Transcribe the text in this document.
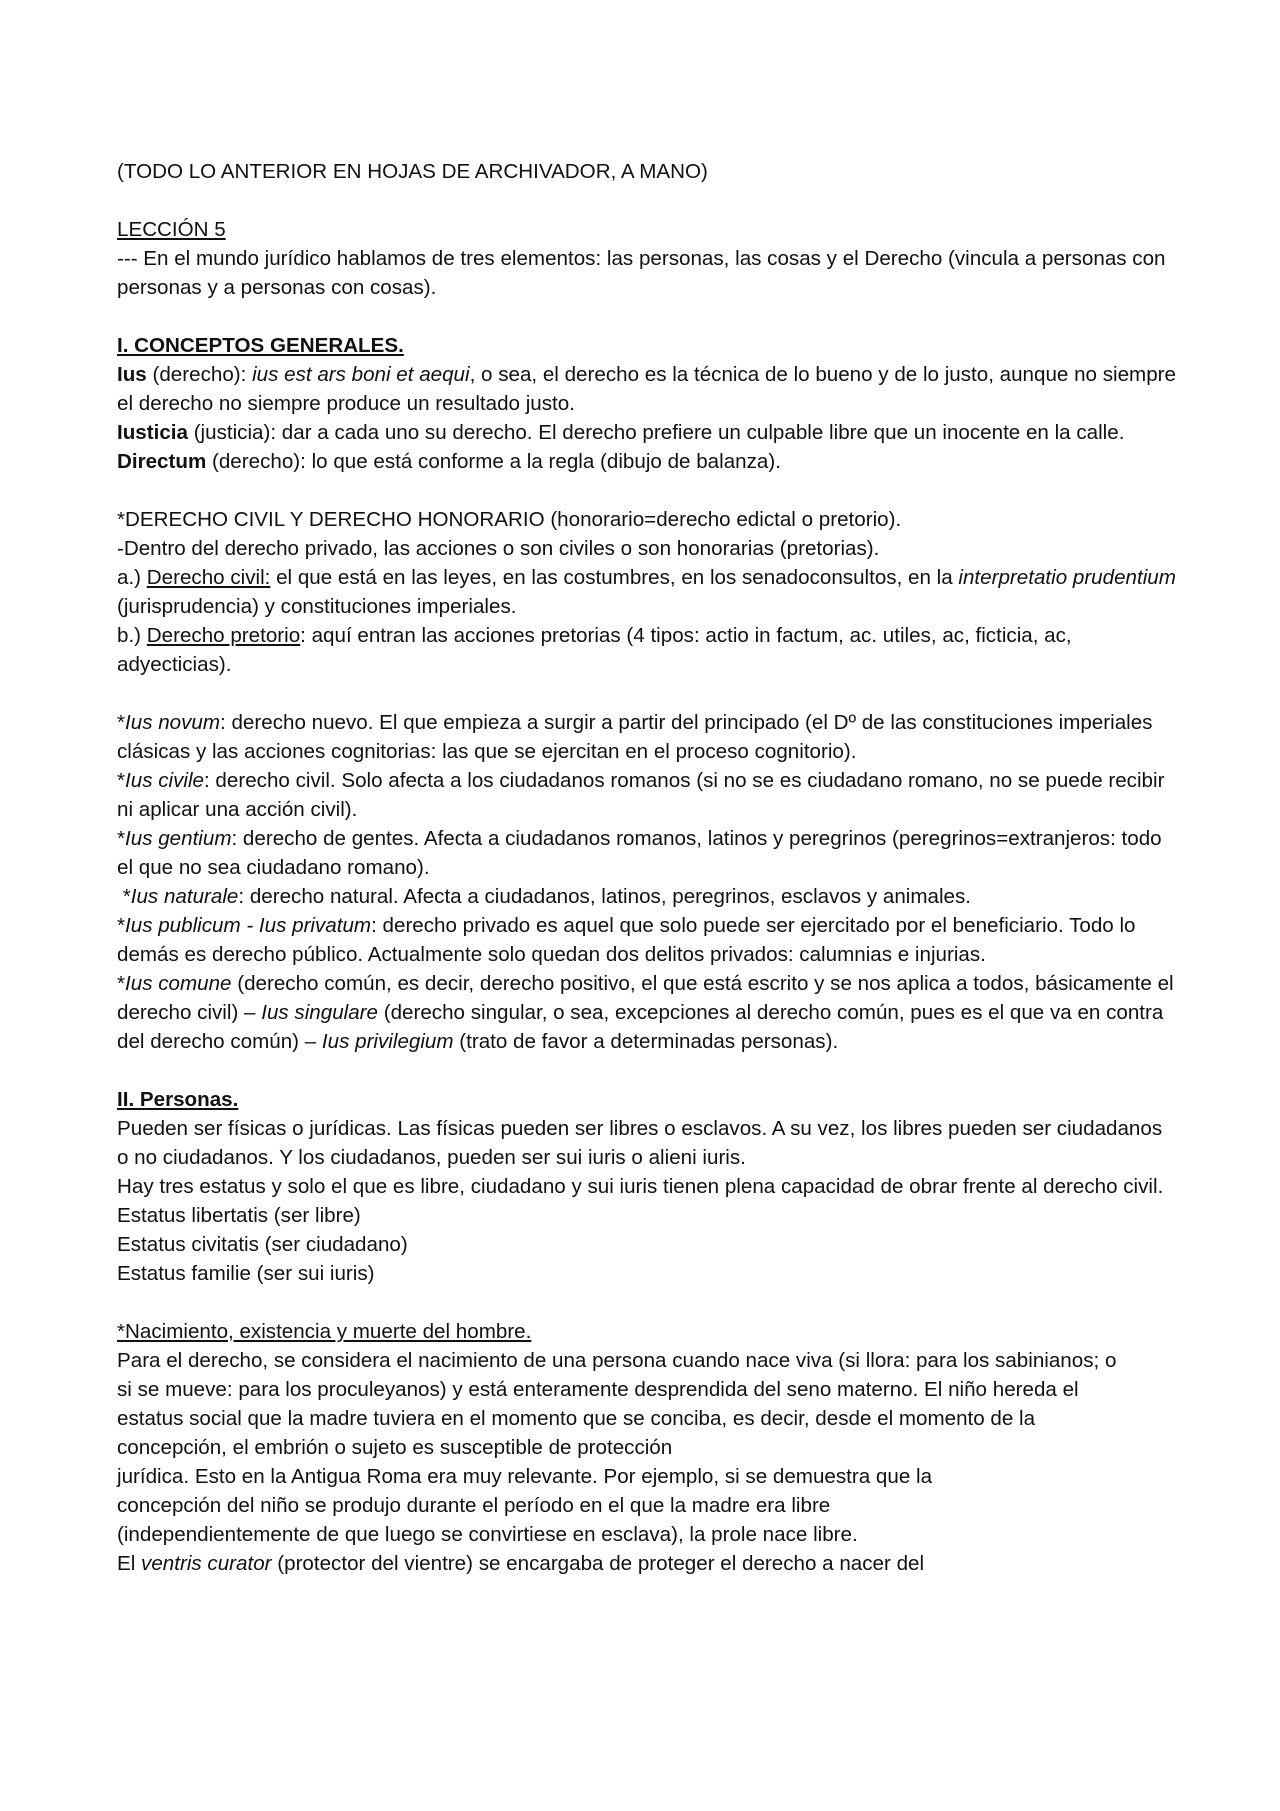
(TODO LO ANTERIOR EN HOJAS DE ARCHIVADOR, A MANO)

LECCIÓN 5

--- En el mundo jurídico hablamos de tres elementos: las personas, las cosas y el Derecho (vincula a personas con personas y a personas con cosas).

I. CONCEPTOS GENERALES.

Ius (derecho): ius est ars boni et aequi, o sea, el derecho es la técnica de lo bueno y de lo justo, aunque no siempre el derecho no siempre produce un resultado justo.

Iusticia (justicia): dar a cada uno su derecho. El derecho prefiere un culpable libre que un inocente en la calle.

Directum (derecho): lo que está conforme a la regla (dibujo de balanza).

*DERECHO CIVIL Y DERECHO HONORARIO (honorario=derecho edictal o pretorio).

-Dentro del derecho privado, las acciones o son civiles o son honorarias (pretorias).

a.) Derecho civil: el que está en las leyes, en las costumbres, en los senadoconsultos, en la interpretatio prudentium (jurisprudencia) y constituciones imperiales.

b.) Derecho pretorio: aquí entran las acciones pretorias (4 tipos: actio in factum, ac. utiles, ac, ficticia, ac, adyecticias).

*Ius novum: derecho nuevo. El que empieza a surgir a partir del principado (el Dº de las constituciones imperiales clásicas y las acciones cognitorias: las que se ejercitan en el proceso cognitorio).

*Ius civile: derecho civil. Solo afecta a los ciudadanos romanos (si no se es ciudadano romano, no se puede recibir ni aplicar una acción civil).

*Ius gentium: derecho de gentes. Afecta a ciudadanos romanos, latinos y peregrinos (peregrinos=extranjeros: todo el que no sea ciudadano romano).

*Ius naturale: derecho natural. Afecta a ciudadanos, latinos, peregrinos, esclavos y animales.

*Ius publicum - Ius privatum: derecho privado es aquel que solo puede ser ejercitado por el beneficiario. Todo lo demás es derecho público. Actualmente solo quedan dos delitos privados: calumnias e injurias.

*Ius comune (derecho común, es decir, derecho positivo, el que está escrito y se nos aplica a todos, básicamente el derecho civil) – Ius singulare (derecho singular, o sea, excepciones al derecho común, pues es el que va en contra del derecho común) – Ius privilegium (trato de favor a determinadas personas).

II. Personas.

Pueden ser físicas o jurídicas. Las físicas pueden ser libres o esclavos. A su vez, los libres pueden ser ciudadanos o no ciudadanos. Y los ciudadanos, pueden ser sui iuris o alieni iuris.

Hay tres estatus y solo el que es libre, ciudadano y sui iuris tienen plena capacidad de obrar frente al derecho civil.

Estatus libertatis (ser libre)

Estatus civitatis (ser ciudadano)

Estatus familie (ser sui iuris)

*Nacimiento, existencia y muerte del hombre.

Para el derecho, se considera el nacimiento de una persona cuando nace viva (si llora: para los sabinianos; o

si se mueve: para los proculeyanos) y está enteramente desprendida del seno materno. El niño hereda el

estatus social que la madre tuviera en el momento que se conciba, es decir, desde el momento de la

concepción, el embrión o sujeto es susceptible de protección

jurídica. Esto en la Antigua Roma era muy relevante. Por ejemplo, si se demuestra que la

concepción del niño se produjo durante el período en el que la madre era libre

(independientemente de que luego se convirtiese en esclava), la prole nace libre.

El ventris curator (protector del vientre) se encargaba de proteger el derecho a nacer del
